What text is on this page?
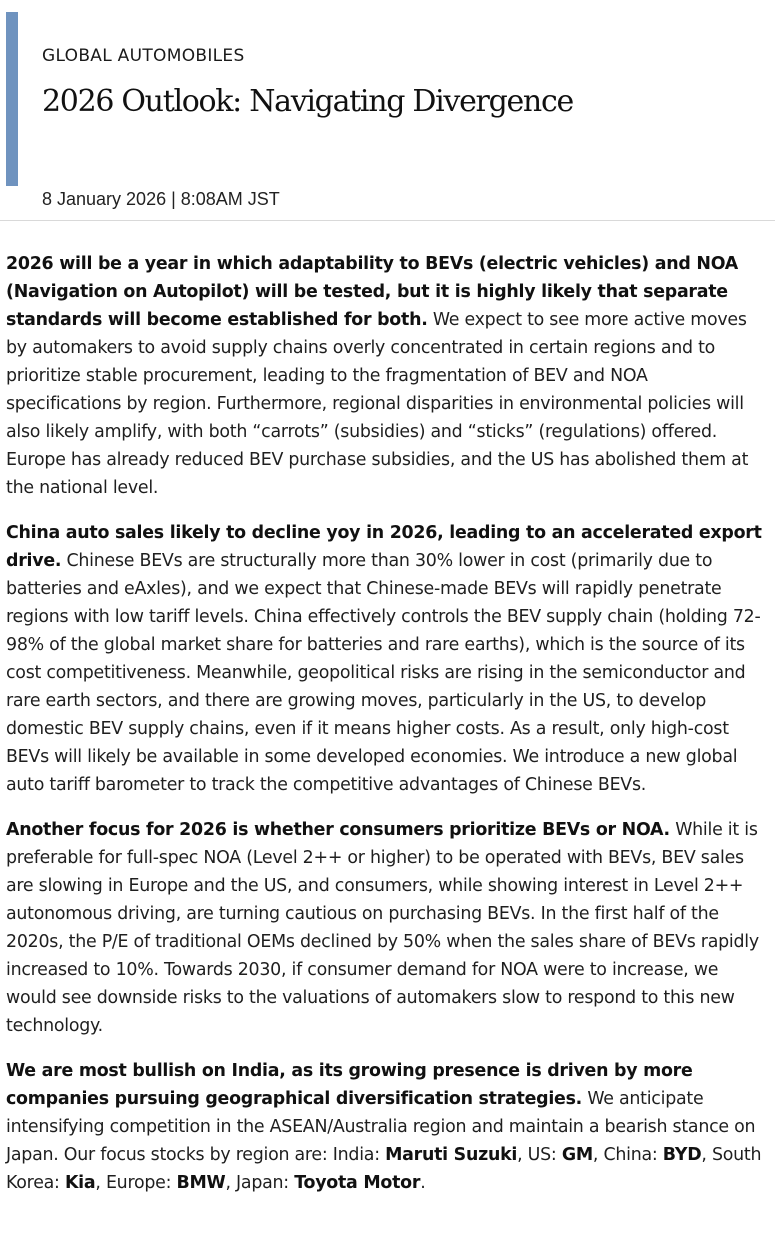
GLOBAL AUTOMOBILES
2026 Outlook: Navigating Divergence
8 January 2026 | 8:08AM JST

2026 will be a year in which adaptability to BEVs (electric vehicles) and NOA (Navigation on Autopilot) will be tested, but it is highly likely that separate standards will become established for both. We expect to see more active moves by automakers to avoid supply chains overly concentrated in certain regions and to prioritize stable procurement, leading to the fragmentation of BEV and NOA specifications by region. Furthermore, regional disparities in environmental policies will also likely amplify, with both “carrots” (subsidies) and “sticks” (regulations) offered. Europe has already reduced BEV purchase subsidies, and the US has abolished them at the national level.

China auto sales likely to decline yoy in 2026, leading to an accelerated export drive. Chinese BEVs are structurally more than 30% lower in cost (primarily due to batteries and eAxles), and we expect that Chinese-made BEVs will rapidly penetrate regions with low tariff levels. China effectively controls the BEV supply chain (holding 72-98% of the global market share for batteries and rare earths), which is the source of its cost competitiveness. Meanwhile, geopolitical risks are rising in the semiconductor and rare earth sectors, and there are growing moves, particularly in the US, to develop domestic BEV supply chains, even if it means higher costs. As a result, only high-cost BEVs will likely be available in some developed economies. We introduce a new global auto tariff barometer to track the competitive advantages of Chinese BEVs.

Another focus for 2026 is whether consumers prioritize BEVs or NOA. While it is preferable for full-spec NOA (Level 2++ or higher) to be operated with BEVs, BEV sales are slowing in Europe and the US, and consumers, while showing interest in Level 2++ autonomous driving, are turning cautious on purchasing BEVs. In the first half of the 2020s, the P/E of traditional OEMs declined by 50% when the sales share of BEVs rapidly increased to 10%. Towards 2030, if consumer demand for NOA were to increase, we would see downside risks to the valuations of automakers slow to respond to this new technology.

We are most bullish on India, as its growing presence is driven by more companies pursuing geographical diversification strategies. We anticipate intensifying competition in the ASEAN/Australia region and maintain a bearish stance on Japan. Our focus stocks by region are: India: Maruti Suzuki, US: GM, China: BYD, South Korea: Kia, Europe: BMW, Japan: Toyota Motor.
